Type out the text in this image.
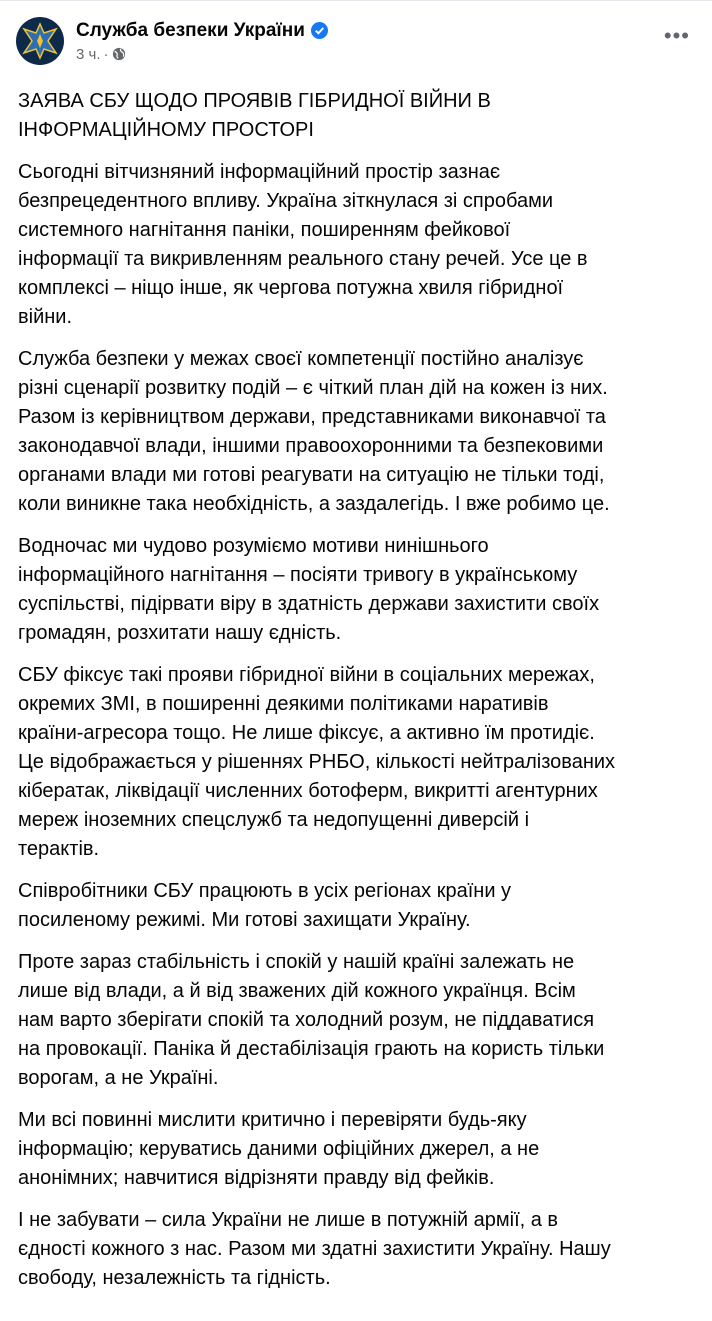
Служба безпеки України
3 ч. ·
•••

ЗАЯВА СБУ ЩОДО ПРОЯВІВ ГІБРИДНОЇ ВІЙНИ В
ІНФОРМАЦІЙНОМУ ПРОСТОРІ

Сьогодні вітчизняний інформаційний простір зазнає
безпрецедентного впливу. Україна зіткнулася зі спробами
системного нагнітання паніки, поширенням фейкової
інформації та викривленням реального стану речей. Усе це в
комплексі – ніщо інше, як чергова потужна хвиля гібридної
війни.

Служба безпеки у межах своєї компетенції постійно аналізує
різні сценарії розвитку подій – є чіткий план дій на кожен із них.
Разом із керівництвом держави, представниками виконавчої та
законодавчої влади, іншими правоохоронними та безпековими
органами влади ми готові реагувати на ситуацію не тільки тоді,
коли виникне така необхідність, а заздалегідь. І вже робимо це.

Водночас ми чудово розуміємо мотиви нинішнього
інформаційного нагнітання – посіяти тривогу в українському
суспільстві, підірвати віру в здатність держави захистити своїх
громадян, розхитати нашу єдність.

СБУ фіксує такі прояви гібридної війни в соціальних мережах,
окремих ЗМІ, в поширенні деякими політиками наративів
країни-агресора тощо. Не лише фіксує, а активно їм протидіє.
Це відображається у рішеннях РНБО, кількості нейтралізованих
кібератак, ліквідації численних ботоферм, викритті агентурних
мереж іноземних спецслужб та недопущенні диверсій і
терактів.

Співробітники СБУ працюють в усіх регіонах країни у
посиленому режимі. Ми готові захищати Україну.

Проте зараз стабільність і спокій у нашій країні залежать не
лише від влади, а й від зважених дій кожного українця. Всім
нам варто зберігати спокій та холодний розум, не піддаватися
на провокації. Паніка й дестабілізація грають на користь тільки
ворогам, а не Україні.

Ми всі повинні мислити критично і перевіряти будь-яку
інформацію; керуватись даними офіційних джерел, а не
анонімних; навчитися відрізняти правду від фейків.

І не забувати – сила України не лише в потужній армії, а в
єдності кожного з нас. Разом ми здатні захистити Україну. Нашу
свободу, незалежність та гідність.
